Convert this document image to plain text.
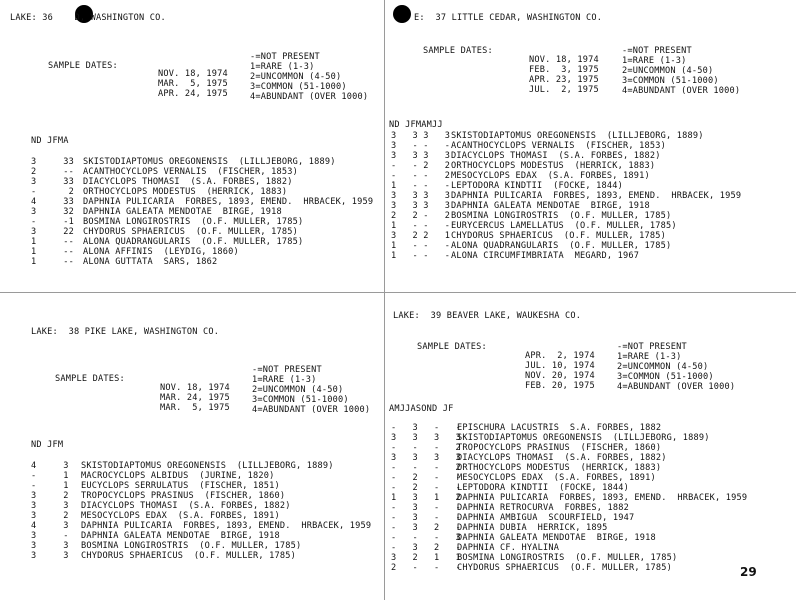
LAKE: 36    D, WASHINGTON CO.
SAMPLE DATES:
NOV. 18, 1974
MAR.  5, 1975
APR. 24, 1975
-=NOT PRESENT
1=RARE (1-3)
2=UNCOMMON (4-50)
3=COMMON (51-1000)
4=ABUNDANT (OVER 1000)
ND JFMA
3     33 SKISTODIAPTOMUS OREGONENSIS  (LILLJEBORG, 1889)
2     -- ACANTHOCYCLOPS VERNALIS  (FISCHER, 1853)
3     33 DIACYCLOPS THOMASI  (S.A. FORBES, 1882)
-      2 ORTHOCYCLOPS MODESTUS  (HERRICK, 1883)
4     33 DAPHNIA PULICARIA  FORBES, 1893, EMEND.  HRBACEK, 1959
3     32 DAPHNIA GALEATA MENDOTAE  BIRGE, 1918
-     -1 BOSMINA LONGIROSTRIS  (O.F. MULLER, 1785)
3     22 CHYDORUS SPHAERICUS  (O.F. MULLER, 1785)
1     -- ALONA QUADRANGULARIS  (O.F. MULLER, 1785)
1     -- ALONA AFFINIS  (LEYDIG, 1860)
1     -- ALONA GUTTATA  SARS, 1862
E:  37 LITTLE CEDAR, WASHINGTON CO.
SAMPLE DATES:
NOV. 18, 1974
FEB.  3, 1975
APR. 23, 1975
JUL.  2, 1975
-=NOT PRESENT
1=RARE (1-3)
2=UNCOMMON (4-50)
3=COMMON (51-1000)
4=ABUNDANT (OVER 1000)
ND JFMAMJJ
3   3 3   3 SKISTODIAPTOMUS OREGONENSIS  (LILLJEBORG, 1889)
3   - -   - ACANTHOCYCLOPS VERNALIS  (FISCHER, 1853)
3   3 3   3 DIACYCLOPS THOMASI  (S.A. FORBES, 1882)
-   - 2   2 ORTHOCYCLOPS MODESTUS  (HERRICK, 1883)
-   - -   2 MESOCYCLOPS EDAX  (S.A. FORBES, 1891)
1   - -   - LEPTODORA KINDTII  (FOCKE, 1844)
3   3 3   3 DAPHNIA PULICARIA  FORBES, 1893, EMEND.  HRBACEK, 1959
3   3 3   3 DAPHNIA GALEATA MENDOTAE  BIRGE, 1918
2   2 -   2 BOSMINA LONGIROSTRIS  (O.F. MULLER, 1785)
1   - -   - EURYCERCUS LAMELLATUS  (O.F. MULLER, 1785)
3   2 2   1 CHYDORUS SPHAERICUS  (O.F. MULLER, 1785)
1   - -   - ALONA QUADRANGULARIS  (O.F. MULLER, 1785)
1   - -   - ALONA CIRCUMFIMBRIATA  MEGARD, 1967
LAKE:  38 PIKE LAKE, WASHINGTON CO.
SAMPLE DATES:
NOV. 18, 1974
MAR. 24, 1975
MAR.  5, 1975
-=NOT PRESENT
1=RARE (1-3)
2=UNCOMMON (4-50)
3=COMMON (51-1000)
4=ABUNDANT (OVER 1000)
ND JFM
4     3 SKISTODIAPTOMUS OREGONENSIS  (LILLJEBORG, 1889)
-     1 MACROCYCLOPS ALBIDUS  (JURINE, 1820)
-     1 EUCYCLOPS SERRULATUS  (FISCHER, 1851)
3     2 TROPOCYCLOPS PRASINUS  (FISCHER, 1860)
3     3 DIACYCLOPS THOMASI  (S.A. FORBES, 1882)
3     2 MESOCYCLOPS EDAX  (S.A. FORBES, 1891)
4     3 DAPHNIA PULICARIA  FORBES, 1893, EMEND.  HRBACEK, 1959
3     - DAPHNIA GALEATA MENDOTAE  BIRGE, 1918
3     3 BOSMINA LONGIROSTRIS  (O.F. MULLER, 1785)
3     3 CHYDORUS SPHAERICUS  (O.F. MULLER, 1785)
LAKE:  39 BEAVER LAKE, WAUKESHA CO.
SAMPLE DATES:
APR.  2, 1974
JUL. 10, 1974
NOV. 20, 1974
FEB. 20, 1975
-=NOT PRESENT
1=RARE (1-3)
2=UNCOMMON (4-50)
3=COMMON (51-1000)
4=ABUNDANT (OVER 1000)
AMJJASOND JF
-   3   -   -
EPISCHURA LACUSTRIS  S.A. FORBES, 1882
3   3   3   3
SKISTODIAPTOMUS OREGONENSIS  (LILLJEBORG, 1889)
-   -   -   2
TROPOCYCLOPS PRASINUS  (FISCHER, 1860)
3   3   3   3
DIACYCLOPS THOMASI  (S.A. FORBES, 1882)
-   -   -   2
ORTHOCYCLOPS MODESTUS  (HERRICK, 1883)
-   2   -   -
MESOCYCLOPS EDAX  (S.A. FORBES, 1891)
-   2   -   -
LEPTODORA KINDTII  (FOCKE, 1844)
1   3   1   2
DAPHNIA PULICARIA  FORBES, 1893, EMEND.  HRBACEK, 1959
-   3   -   -
DAPHNIA RETROCURVA  FORBES, 1882
-   3   -   -
DAPHNIA AMBIGUA  SCOURFIELD, 1947
-   3   2   -
DAPHNIA DUBIA  HERRICK, 1895
-   -   -   3
DAPHNIA GALEATA MENDOTAE  BIRGE, 1918
-   3   2   -
DAPHNIA CF. HYALINA
3   2   1   1
BOSMINA LONGIROSTRIS  (O.F. MULLER, 1785)
2   -   -   -
CHYDORUS SPHAERICUS  (O.F. MULLER, 1785)	29
